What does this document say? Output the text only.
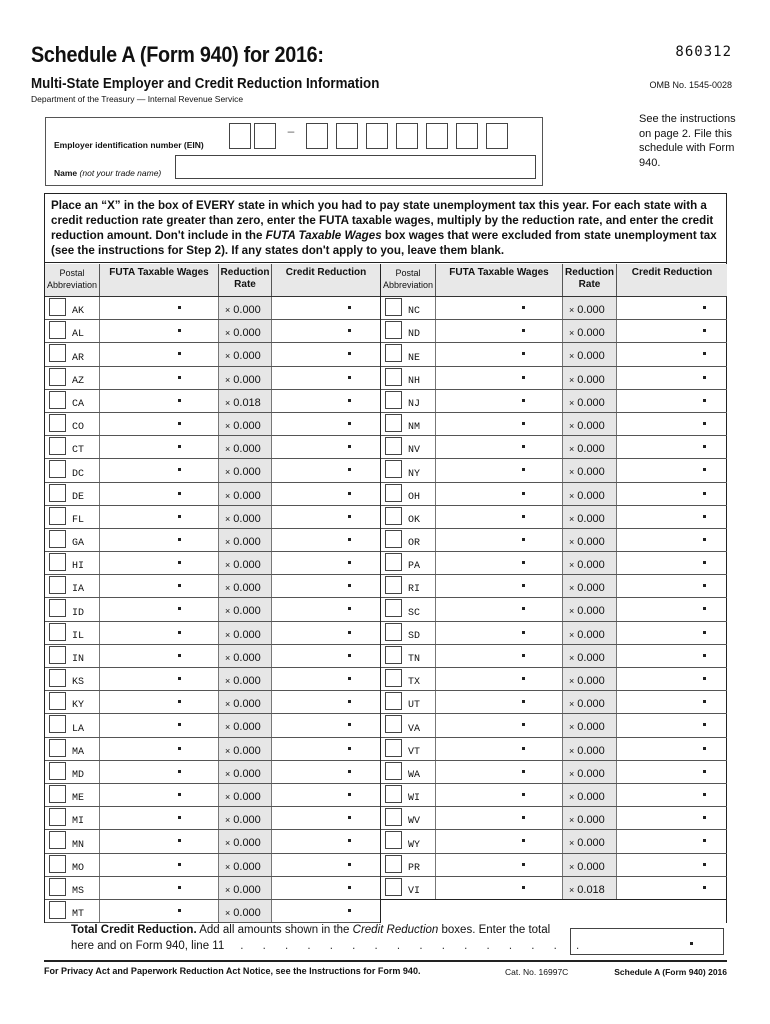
Schedule A (Form 940) for 2016:	860312
Multi-State Employer and Credit Reduction Information	OMB No. 1545-0028
Department of the Treasury — Internal Revenue Service
Employer identification number (EIN)
–
Name (not your trade name)
See the instructions on page 2. File this schedule with Form 940.
Place an “X” in the box of EVERY state in which you had to pay state unemployment tax this year. For each state with a credit reduction rate greater than zero, enter the FUTA taxable wages, multiply by the reduction rate, and enter the credit reduction amount. Don't include in the FUTA Taxable Wages box wages that were excluded from state unemployment tax (see the instructions for Step 2). If any states don't apply to you, leave them blank.
Postal Abbreviation
FUTA Taxable Wages	Reduction Rate
Credit Reduction
AK	× 0.000
AL	× 0.000
AR	× 0.000
AZ	× 0.000
CA	× 0.018
CO	× 0.000
CT	× 0.000
DC	× 0.000
DE	× 0.000
FL	× 0.000
GA	× 0.000
HI	× 0.000
IA	× 0.000
ID	× 0.000
IL	× 0.000
IN	× 0.000
KS	× 0.000
KY	× 0.000
LA	× 0.000
MA	× 0.000
MD	× 0.000
ME	× 0.000
MI	× 0.000
MN	× 0.000
MO	× 0.000
MS	× 0.000
MT	× 0.000
Postal Abbreviation
FUTA Taxable Wages	Reduction Rate
Credit Reduction
NC	× 0.000
ND	× 0.000
NE	× 0.000
NH	× 0.000
NJ	× 0.000
NM	× 0.000
NV	× 0.000
NY	× 0.000
OH	× 0.000
OK	× 0.000
OR	× 0.000
PA	× 0.000
RI	× 0.000
SC	× 0.000
SD	× 0.000
TN	× 0.000
TX	× 0.000
UT	× 0.000
VA	× 0.000
VT	× 0.000
WA	× 0.000
WI	× 0.000
WV	× 0.000
WY	× 0.000
PR	× 0.000
VI	× 0.018
Total Credit Reduction. Add all amounts shown in the Credit Reduction boxes. Enter the total
here and on Form 940, line 11 . . . . . . . . . . . . . . . .
For Privacy Act and Paperwork Reduction Act Notice, see the Instructions for Form 940.	Cat. No. 16997C	Schedule A (Form 940) 2016
